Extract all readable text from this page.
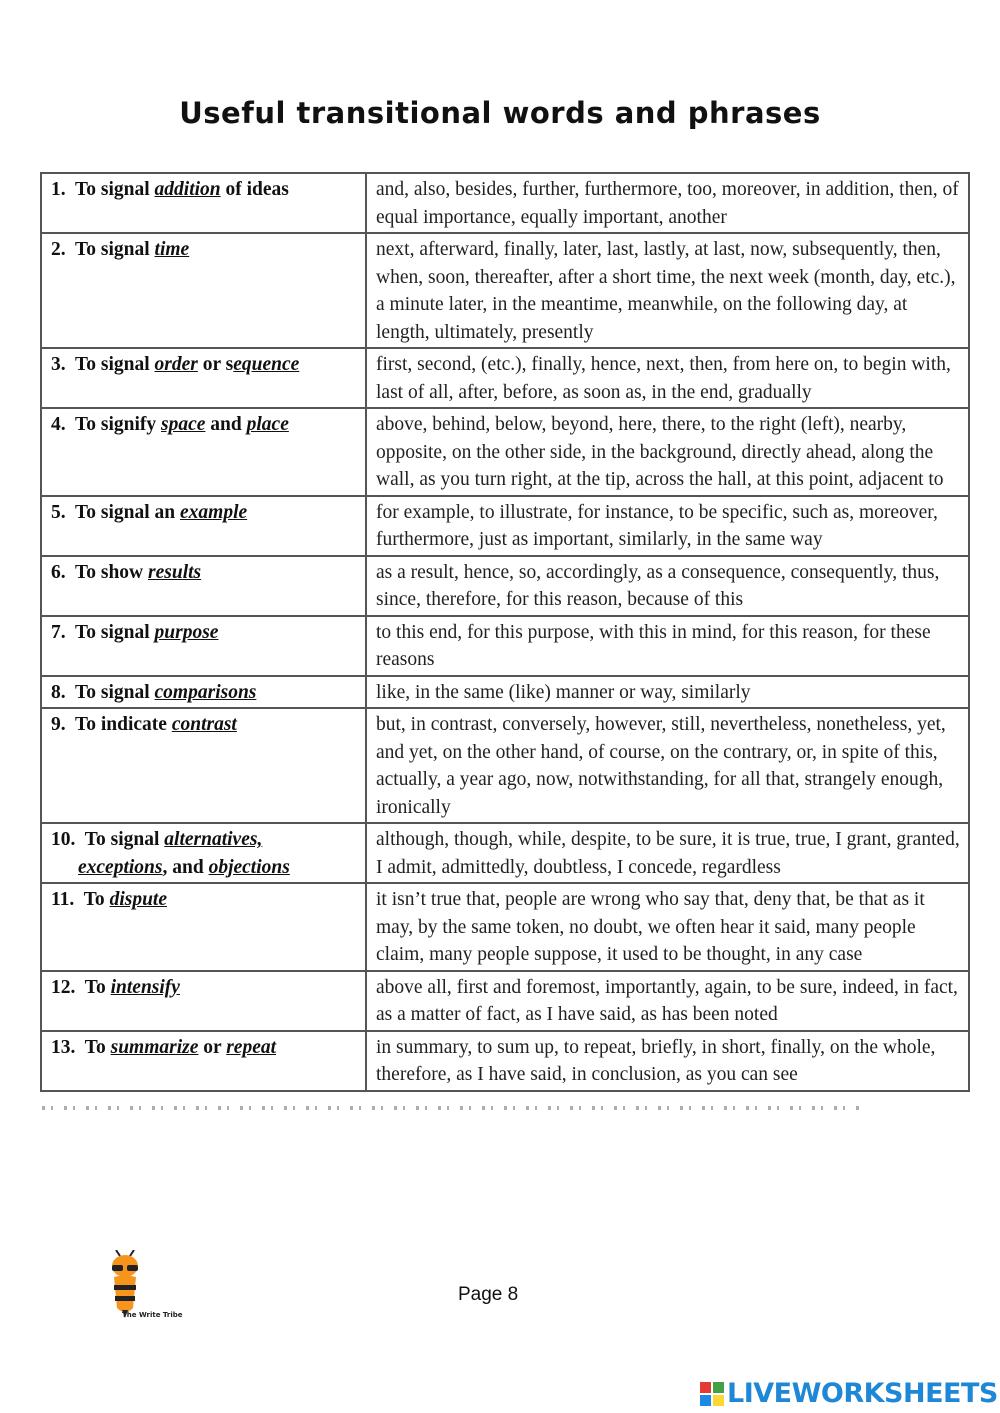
Useful transitional words and phrases
1. To signal addition of ideas	and, also, besides, further, furthermore, too, moreover, in addition, then, of equal importance, equally important, another
2. To signal time	next, afterward, finally, later, last, lastly, at last, now, subsequently, then, when, soon, thereafter, after a short time, the next week (month, day, etc.), a minute later, in the meantime, meanwhile, on the following day, at length, ultimately, presently
3. To signal order or sequence	first, second, (etc.), finally, hence, next, then, from here on, to begin with, last of all, after, before, as soon as, in the end, gradually
4. To signify space and place	above, behind, below, beyond, here, there, to the right (left), nearby, opposite, on the other side, in the background, directly ahead, along the wall, as you turn right, at the tip, across the hall, at this point, adjacent to
5. To signal an example	for example, to illustrate, for instance, to be specific, such as, moreover, furthermore, just as important, similarly, in the same way
6. To show results	as a result, hence, so, accordingly, as a consequence, consequently, thus, since, therefore, for this reason, because of this
7. To signal purpose	to this end, for this purpose, with this in mind, for this reason, for these reasons
8. To signal comparisons	like, in the same (like) manner or way, similarly
9. To indicate contrast	but, in contrast, conversely, however, still, nevertheless, nonetheless, yet, and yet, on the other hand, of course, on the contrary, or, in spite of this, actually, a year ago, now, notwithstanding, for all that, strangely enough, ironically
10. To signal alternatives,
exceptions, and objections	although, though, while, despite, to be sure, it is true, true, I grant, granted, I admit, admittedly, doubtless, I concede, regardless
11. To dispute	it isn’t true that, people are wrong who say that, deny that, be that as it may, by the same token, no doubt, we often hear it said, many people claim, many people suppose, it used to be thought, in any case
12. To intensify	above all, first and foremost, importantly, again, to be sure, indeed, in fact, as a matter of fact, as I have said, as has been noted
13. To summarize or repeat	in summary, to sum up, to repeat, briefly, in short, finally, on the whole, therefore, as I have said, in conclusion, as you can see
The Write Tribe
Page 8
LIVEWORKSHEETS
